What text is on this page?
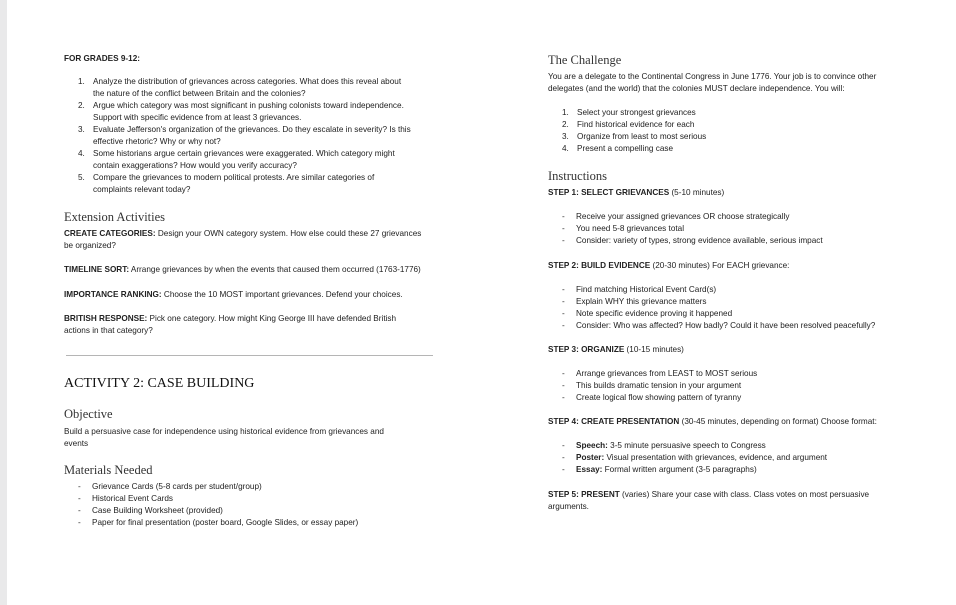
FOR GRADES 9-12:
1. Analyze the distribution of grievances across categories. What does this reveal about
the nature of the conflict between Britain and the colonies?
2. Argue which category was most significant in pushing colonists toward independence.
Support with specific evidence from at least 3 grievances.
3. Evaluate Jefferson's organization of the grievances. Do they escalate in severity? Is this
effective rhetoric? Why or why not?
4. Some historians argue certain grievances were exaggerated. Which category might
contain exaggerations? How would you verify accuracy?
5. Compare the grievances to modern political protests. Are similar categories of
complaints relevant today?
Extension Activities
CREATE CATEGORIES: Design your OWN category system. How else could these 27 grievances
be organized?
TIMELINE SORT: Arrange grievances by when the events that caused them occurred (1763-1776)
IMPORTANCE RANKING: Choose the 10 MOST important grievances. Defend your choices.
BRITISH RESPONSE: Pick one category. How might King George III have defended British
actions in that category?
ACTIVITY 2: CASE BUILDING
Objective
Build a persuasive case for independence using historical evidence from grievances and
events
Materials Needed
- Grievance Cards (5-8 cards per student/group)
- Historical Event Cards
- Case Building Worksheet (provided)
- Paper for final presentation (poster board, Google Slides, or essay paper)
The Challenge
You are a delegate to the Continental Congress in June 1776. Your job is to convince other
delegates (and the world) that the colonies MUST declare independence. You will:
1. Select your strongest grievances
2. Find historical evidence for each
3. Organize from least to most serious
4. Present a compelling case
Instructions
STEP 1: SELECT GRIEVANCES (5-10 minutes)
- Receive your assigned grievances OR choose strategically
- You need 5-8 grievances total
- Consider: variety of types, strong evidence available, serious impact
STEP 2: BUILD EVIDENCE (20-30 minutes) For EACH grievance:
- Find matching Historical Event Card(s)
- Explain WHY this grievance matters
- Note specific evidence proving it happened
- Consider: Who was affected? How badly? Could it have been resolved peacefully?
STEP 3: ORGANIZE (10-15 minutes)
- Arrange grievances from LEAST to MOST serious
- This builds dramatic tension in your argument
- Create logical flow showing pattern of tyranny
STEP 4: CREATE PRESENTATION (30-45 minutes, depending on format) Choose format:
- Speech: 3-5 minute persuasive speech to Congress
- Poster: Visual presentation with grievances, evidence, and argument
- Essay: Formal written argument (3-5 paragraphs)
STEP 5: PRESENT (varies) Share your case with class. Class votes on most persuasive
arguments.
